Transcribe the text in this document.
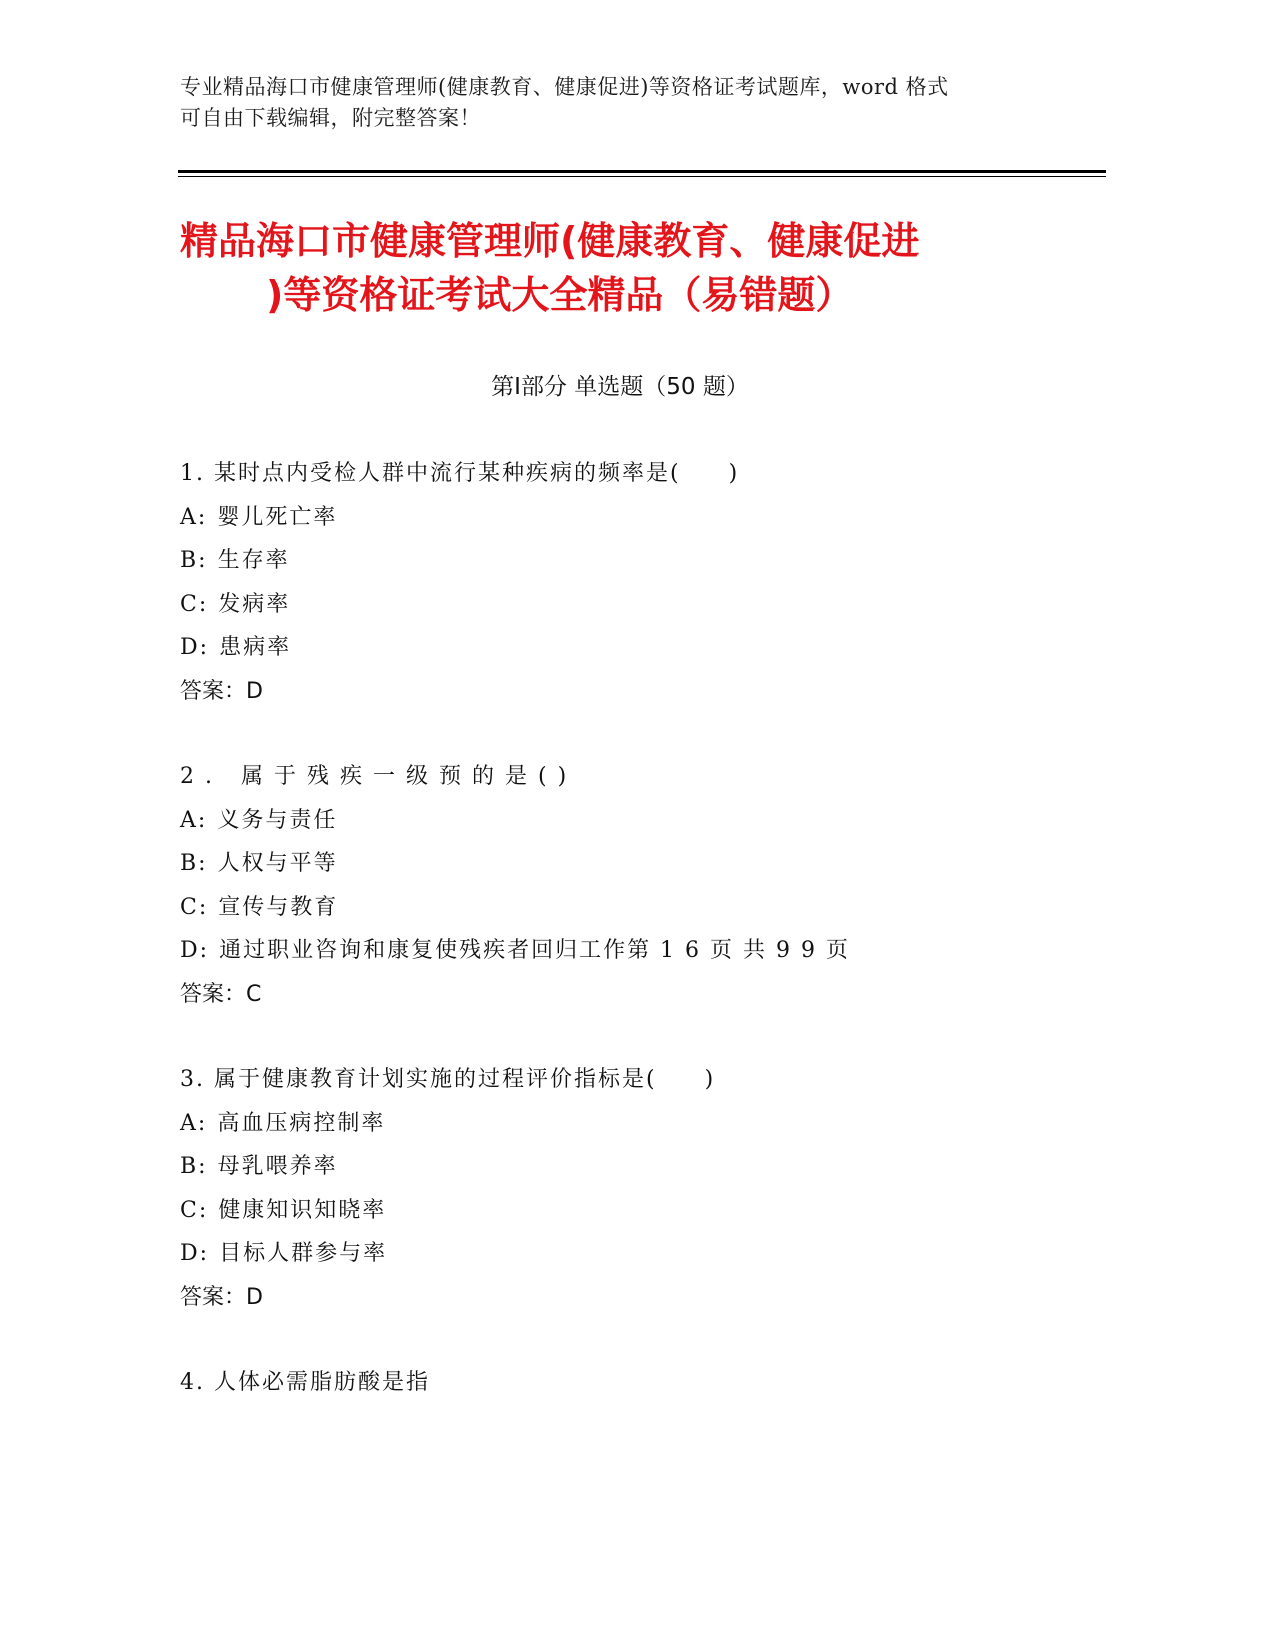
专业精品海口市健康管理师(健康教育、健康促进)等资格证考试题库，word 格式
可自由下载编辑，附完整答案！
精品海口市健康管理师(健康教育、健康促进
)等资格证考试大全精品（易错题）
第Ⅰ部分 单选题（50 题）
1. 某时点内受检人群中流行某种疾病的频率是(　　)
A: 婴儿死亡率
B: 生存率
C: 发病率
D: 患病率
答案：D
2. 属于残疾一级预的是()
A: 义务与责任
B: 人权与平等
C: 宣传与教育
D: 通过职业咨询和康复使残疾者回归工作第 1 6 页 共 9 9 页
答案：C
3. 属于健康教育计划实施的过程评价指标是(　　)
A: 高血压病控制率
B: 母乳喂养率
C: 健康知识知晓率
D: 目标人群参与率
答案：D
4. 人体必需脂肪酸是指
